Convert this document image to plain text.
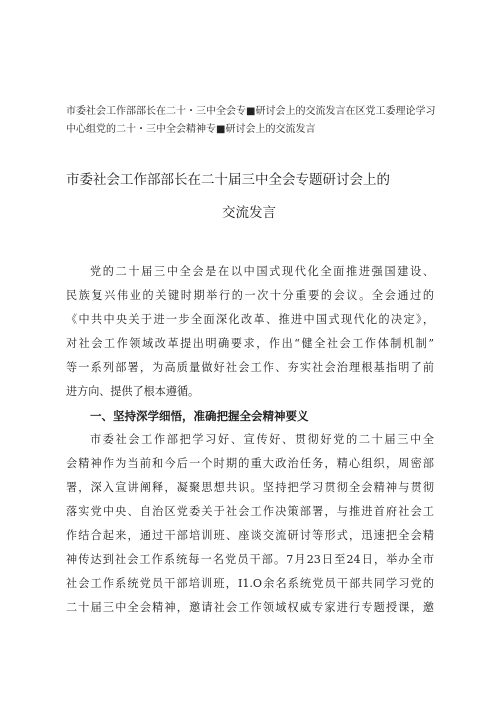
市委社会工作部部长在二十・三中全会专■研讨会上的交流发言在区党工委理论学习
中心组党的二十・三中全会精神专■研讨会上的交流发言
市委社会工作部部长在二十届三中全会专题研讨会上的
交流发言
党的二十届三中全会是在以中国式现代化全面推进强国建设、
民族复兴伟业的关键时期举行的一次十分重要的会议。全会通过的
《中共中央关于进一步全面深化改革、推进中国式现代化的决定》，
对社会工作领域改革提出明确要求，作出“健全社会工作体制机制”
等一系列部署，为高质量做好社会工作、夯实社会治理根基指明了前
进方向、提供了根本遵循。
一、坚持深学细悟，准确把握全会精神要义
市委社会工作部把学习好、宣传好、贯彻好党的二十届三中全
会精神作为当前和今后一个时期的重大政治任务，精心组织，周密部
署，深入宣讲阐释，凝聚思想共识。坚持把学习贯彻全会精神与贯彻
落实党中央、自治区党委关于社会工作决策部署，与推进首府社会工
作结合起来，通过干部培训班、座谈交流研讨等形式，迅速把全会精
神传达到社会工作系统每一名党员干部。7月23日至24日，举办全市
社会工作系统党员干部培训班，I1.O余名系统党员干部共同学习党的
二十届三中全会精神，邀请社会工作领域权威专家进行专题授课，邀
